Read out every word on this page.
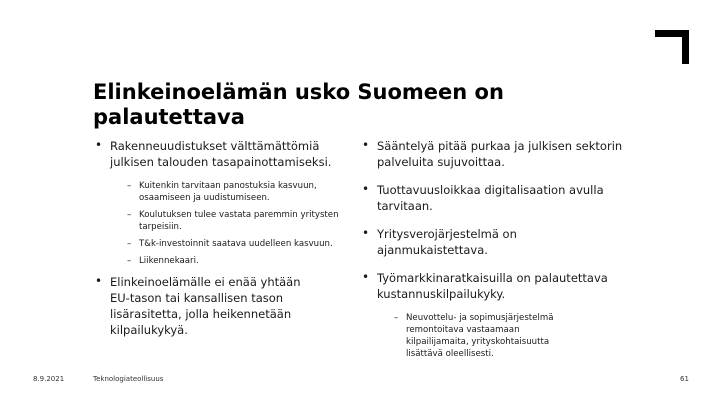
Elinkeinoelämän usko Suomeen on palautettava
• Rakenneuudistukset välttämättömiä julkisen talouden tasapainottamiseksi.
– Kuitenkin tarvitaan panostuksia kasvuun, osaamiseen ja uudistumiseen.
– Koulutuksen tulee vastata paremmin yritysten tarpeisiin.
– T&k-investoinnit saatava uudelleen kasvuun.
– Liikennekaari.
• Elinkeinoelämälle ei enää yhtään EU-tason tai kansallisen tason lisärasitetta, jolla heikennetään kilpailukykyä.
• Sääntelyä pitää purkaa ja julkisen sektorin palveluita sujuvoittaa.
• Tuottavuusloikkaa digitalisaation avulla tarvitaan.
• Yritysverojärjestelmä on ajanmukaistettava.
• Työmarkkinaratkaisuilla on palautettava kustannuskilpailukyky.
– Neuvottelu- ja sopimusjärjestelmä remontoitava vastaamaan kilpailijamaita, yrityskohtaisuutta lisättävä oleellisesti.
8.9.2021	Teknologiateollisuus	61
